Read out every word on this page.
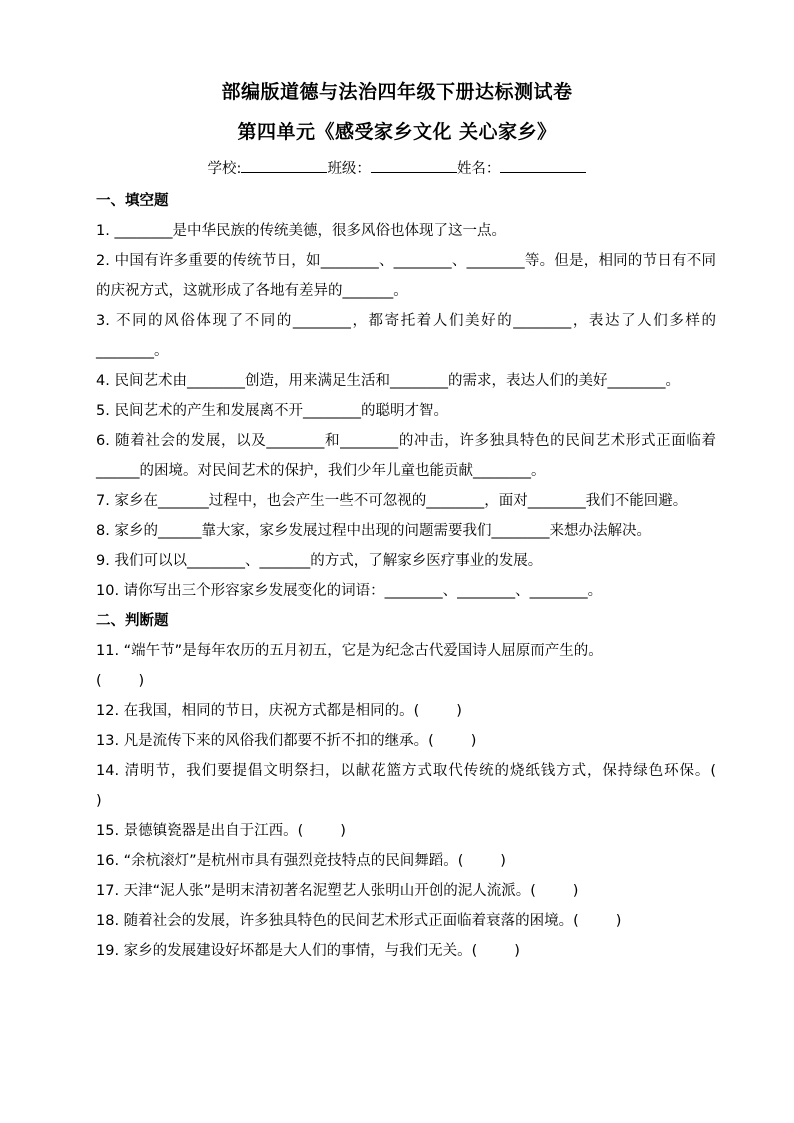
部编版道德与法治四年级下册达标测试卷
第四单元《感受家乡文化 关心家乡》
学校:	班级：	姓名：
一、填空题

1. ________是中华民族的传统美德，很多风俗也体现了这一点。

2. 中国有许多重要的传统节日，如________、________、________等。但是，相同的节日有不同的庆祝方式，这就形成了各地有差异的_______。

3. 不同的风俗体现了不同的________，都寄托着人们美好的________，表达了人们多样的________。

4. 民间艺术由________创造，用来满足生活和________的需求，表达人们的美好________。

5. 民间艺术的产生和发展离不开________的聪明才智。

6. 随着社会的发展，以及________和________的冲击，许多独具特色的民间艺术形式正面临着______的困境。对民间艺术的保护，我们少年儿童也能贡献________。

7. 家乡在_______过程中，也会产生一些不可忽视的________，面对________我们不能回避。

8. 家乡的______靠大家，家乡发展过程中出现的问题需要我们________来想办法解决。

9. 我们可以以________、_______的方式，了解家乡医疗事业的发展。

10. 请你写出三个形容家乡发展变化的词语：________、________、________。

二、判断题

11. “端午节”是每年农历的五月初五，它是为纪念古代爱国诗人屈原而产生的。

(        )

12. 在我国，相同的节日，庆祝方式都是相同的。(        )

13. 凡是流传下来的风俗我们都要不折不扣的继承。(        )

14. 清明节，我们要提倡文明祭扫，以献花篮方式取代传统的烧纸钱方式，保持绿色环保。(        )

15. 景德镇瓷器是出自于江西。(        )

16. “余杭滚灯”是杭州市具有强烈竞技特点的民间舞蹈。(        )

17. 天津“泥人张”是明末清初著名泥塑艺人张明山开创的泥人流派。(        )

18. 随着社会的发展，许多独具特色的民间艺术形式正面临着衰落的困境。(        )

19. 家乡的发展建设好坏都是大人们的事情，与我们无关。(        )
